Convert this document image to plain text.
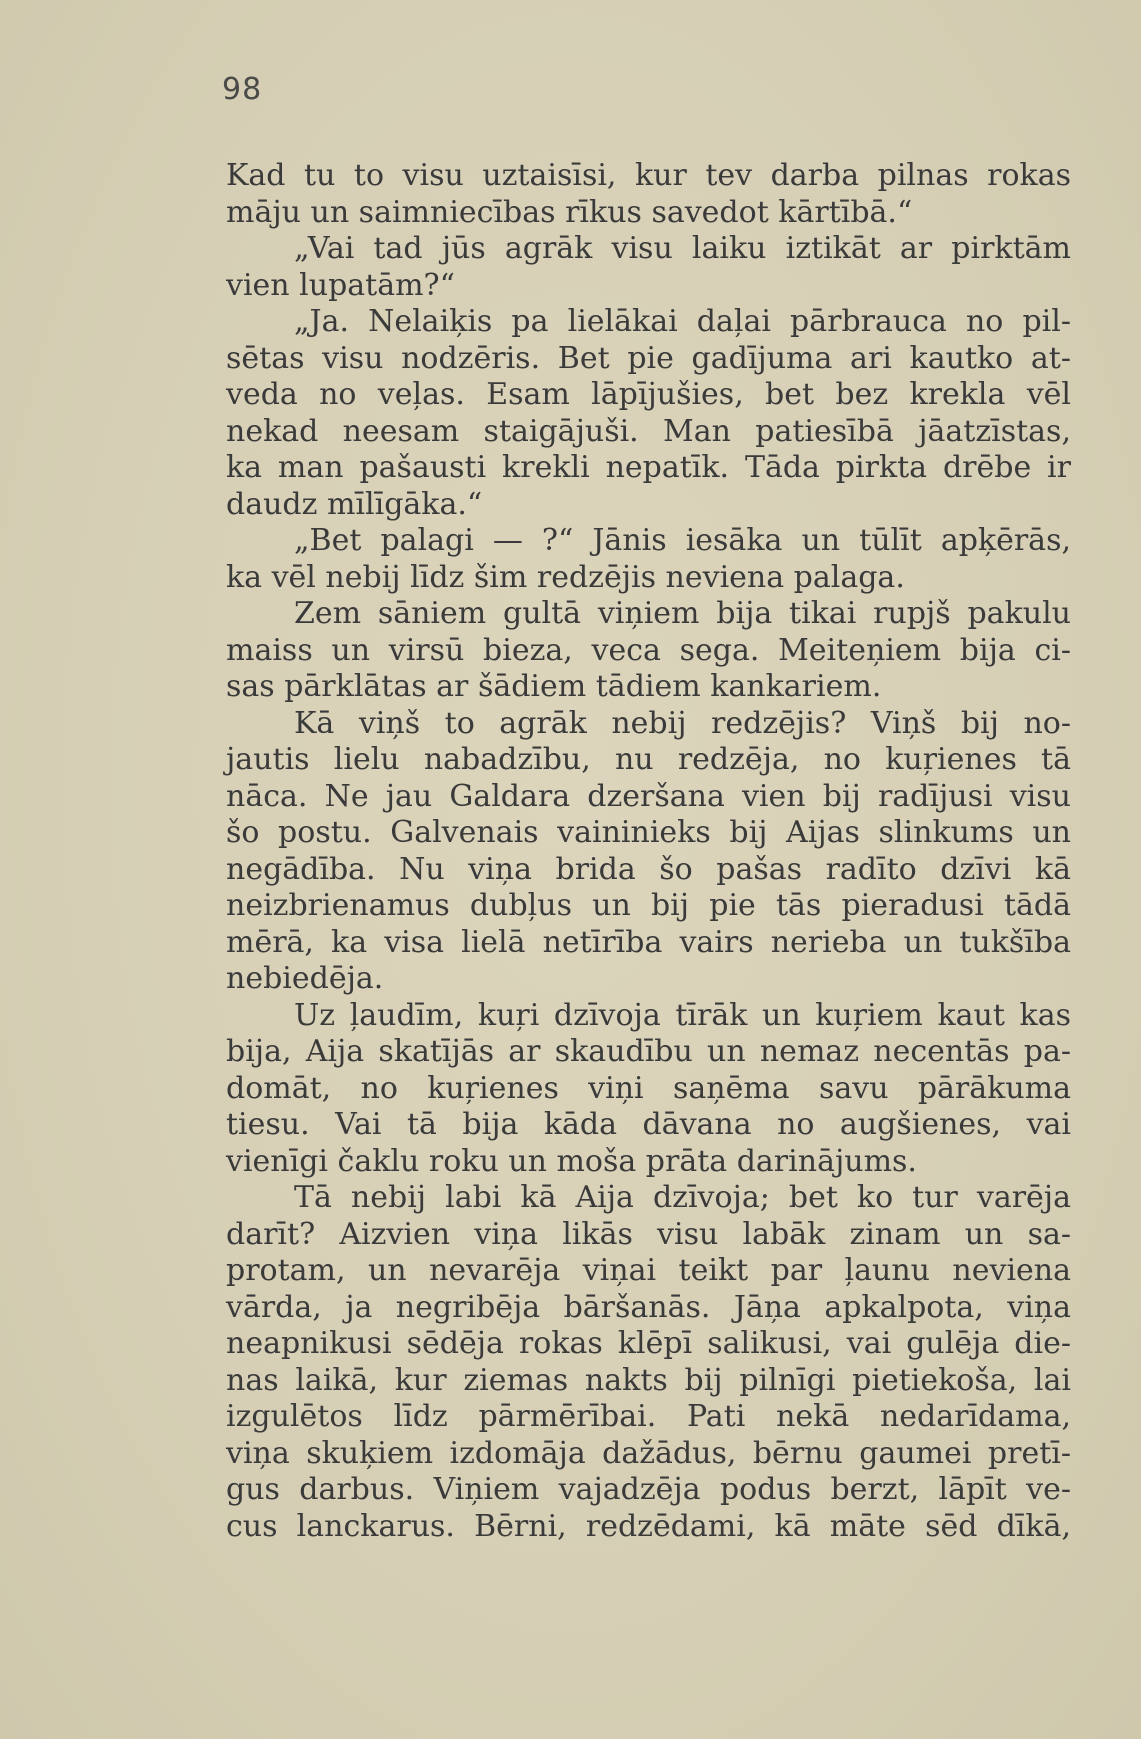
98
Kad tu to visu uztaisīsi, kur tev darba pilnas rokas
māju un saimniecības rīkus savedot kārtībā.“
„Vai tad jūs agrāk visu laiku iztikāt ar pirktām
vien lupatām?“
„Ja. Nelaiķis pa lielākai daļai pārbrauca no pil-
sētas visu nodzēris. Bet pie gadījuma ari kautko at-
veda no veļas. Esam lāpījušies, bet bez krekla vēl
nekad neesam staigājuši. Man patiesībā jāatzīstas,
ka man pašausti krekli nepatīk. Tāda pirkta drēbe ir
daudz mīlīgāka.“
„Bet palagi — ?“ Jānis iesāka un tūlīt apķērās,
ka vēl nebij līdz šim redzējis neviena palaga.
Zem sāniem gultā viņiem bija tikai rupjš pakulu
maiss un virsū bieza, veca sega. Meiteņiem bija ci-
sas pārklātas ar šādiem tādiem kankariem.
Kā viņš to agrāk nebij redzējis? Viņš bij no-
jautis lielu nabadzību, nu redzēja, no kuŗienes tā
nāca. Ne jau Galdara dzeršana vien bij radījusi visu
šo postu. Galvenais vaininieks bij Aijas slinkums un
negādība. Nu viņa brida šo pašas radīto dzīvi kā
neizbrienamus dubļus un bij pie tās pieradusi tādā
mērā, ka visa lielā netīrība vairs nerieba un tukšība
nebiedēja.
Uz ļaudīm, kuŗi dzīvoja tīrāk un kuŗiem kaut kas
bija, Aija skatījās ar skaudību un nemaz necentās pa-
domāt, no kuŗienes viņi saņēma savu pārākuma
tiesu. Vai tā bija kāda dāvana no augšienes, vai
vienīgi čaklu roku un moša prāta darinājums.
Tā nebij labi kā Aija dzīvoja; bet ko tur varēja
darīt? Aizvien viņa likās visu labāk zinam un sa-
protam, un nevarēja viņai teikt par ļaunu neviena
vārda, ja negribēja bāršanās. Jāņa apkalpota, viņa
neapnikusi sēdēja rokas klēpī salikusi, vai gulēja die-
nas laikā, kur ziemas nakts bij pilnīgi pietiekoša, lai
izgulētos līdz pārmērībai. Pati nekā nedarīdama,
viņa skuķiem izdomāja dažādus, bērnu gaumei pretī-
gus darbus. Viņiem vajadzēja podus berzt, lāpīt ve-
cus lanckarus. Bērni, redzēdami, kā māte sēd dīkā,
